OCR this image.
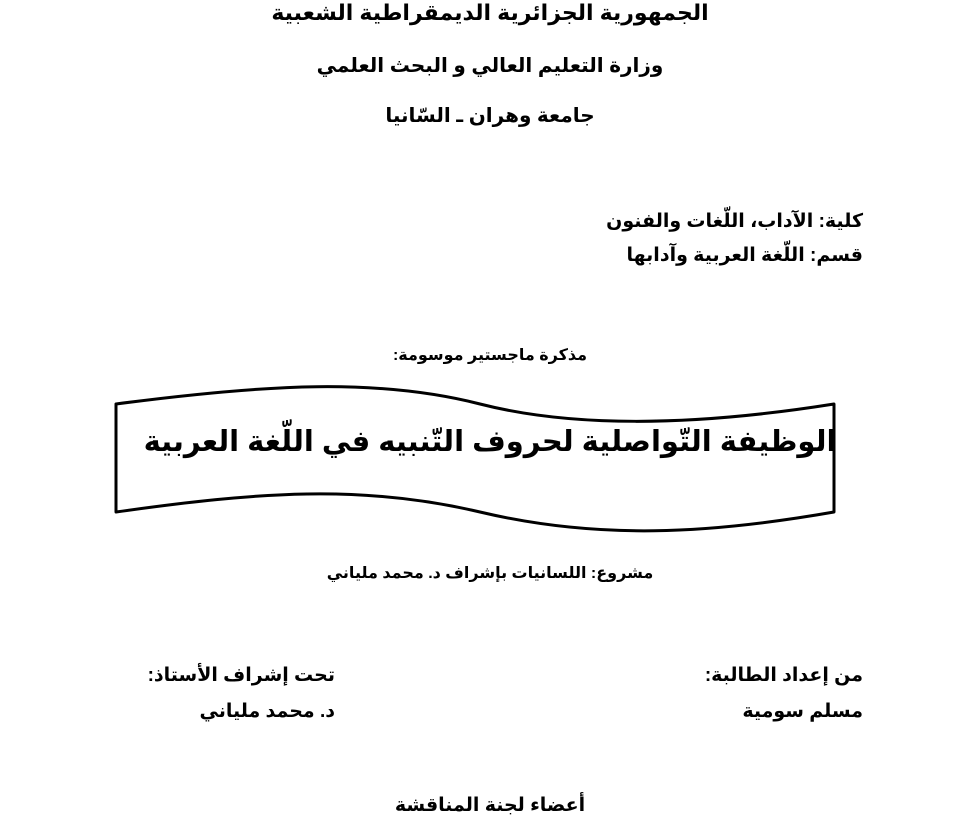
الجمهورية الجزائرية الديمقراطية الشعبية
وزارة التعليم العالي و البحث العلمي
جامعة وهران ـ السّانيا
كلية: الآداب، اللّغات والفنون
قسم: اللّغة العربية وآدابها
مذكرة ماجستير موسومة:
الوظيفة التّواصلية لحروف التّنبيه في اللّغة العربية
مشروع: اللسانيات بإشراف د. محمد ملياني
من إعداد الطالبة:
مسلم سومية
تحت إشراف الأستاذ:
د. محمد ملياني
أعضاء لجنة المناقشة
